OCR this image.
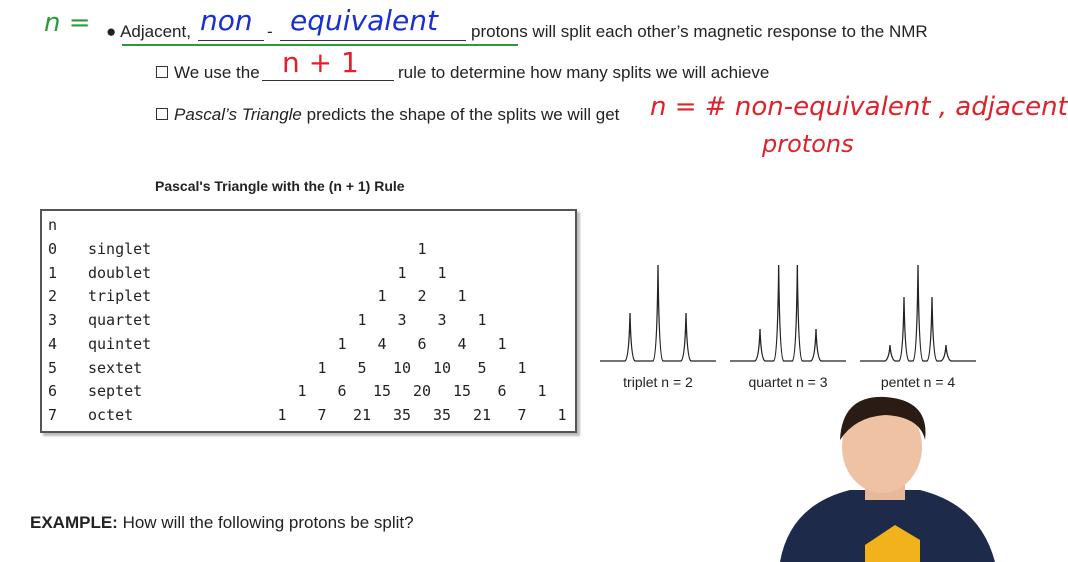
n = ● Adjacent, non - equivalent protons will split each other’s magnetic response to the NMR
We use the n + 1 rule to determine how many splits we will achieve
Pascal’s Triangle predicts the shape of the splits we will get n = # non-equivalent , adjacent
protons
Pascal's Triangle with the (n + 1) Rule
n
0 singlet	1
1 doublet	1	1
2 triplet	1	2	1
3 quartet	1	3	3	1
4 quintet	1	4	6	4	1
5 sextet	1	5	10	10	5	1
6 septet	1	6	15	20	15	6	1
7 octet	1	7	21	35	35	21	7	1
triplet n = 2	quartet n = 3	pentet n = 4
EXAMPLE: How will the following protons be split?
